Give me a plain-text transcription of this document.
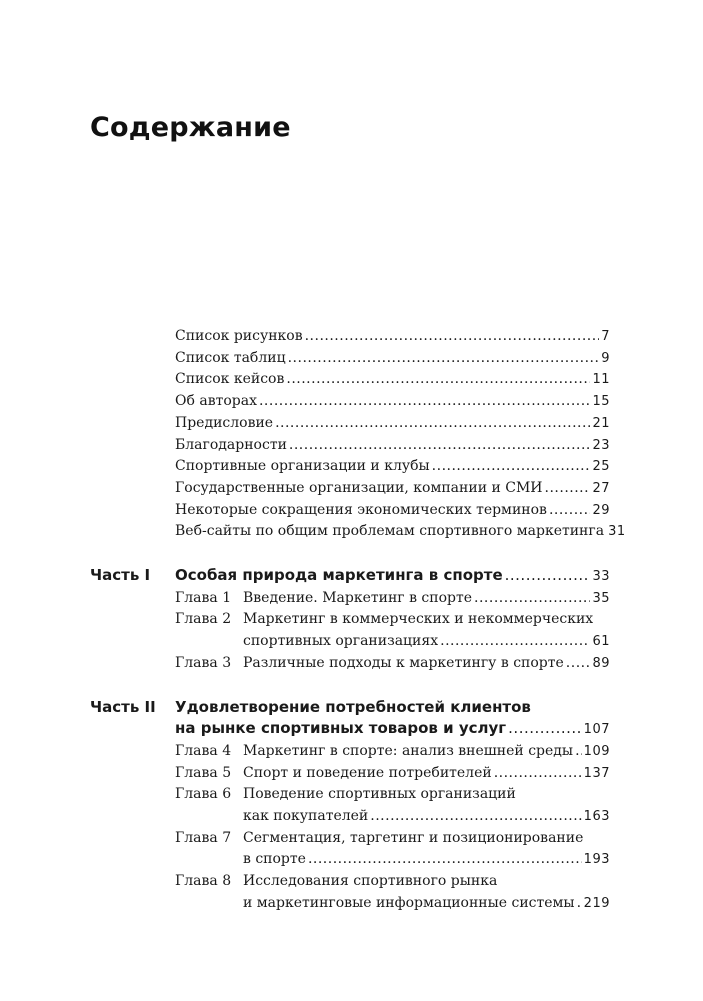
Содержание
Список рисунков .....	7
Список таблиц .....	9
Список кейсов .....	11
Об авторах .....	15
Предисловие .....	21
Благодарности .....	23
Спортивные организации и клубы .....	25
Государственные организации, компании и СМИ .....	27
Некоторые сокращения экономических терминов .....	29
Веб-сайты по общим проблемам спортивного маркетинга 31
Часть I	Особая природа маркетинга в спорте .....	33
Глава 1 Введение. Маркетинг в спорте .....	35
Глава 2 Маркетинг в коммерческих и некоммерческих
спортивных организациях .....	61
Глава 3 Различные подходы к маркетингу в спорте ..... 89
Часть II	Удовлетворение потребностей клиентов
на рынке спортивных товаров и услуг .....	107
Глава 4 Маркетинг в спорте: анализ внешней среды ..... 109
Глава 5 Спорт и поведение потребителей .....	137
Глава 6 Поведение спортивных организаций
как покупателей .....	163
Глава 7 Сегментация, таргетинг и позиционирование
в спорте .....	193
Глава 8 Исследования спортивного рынка
и маркетинговые информационные системы ..... 219
